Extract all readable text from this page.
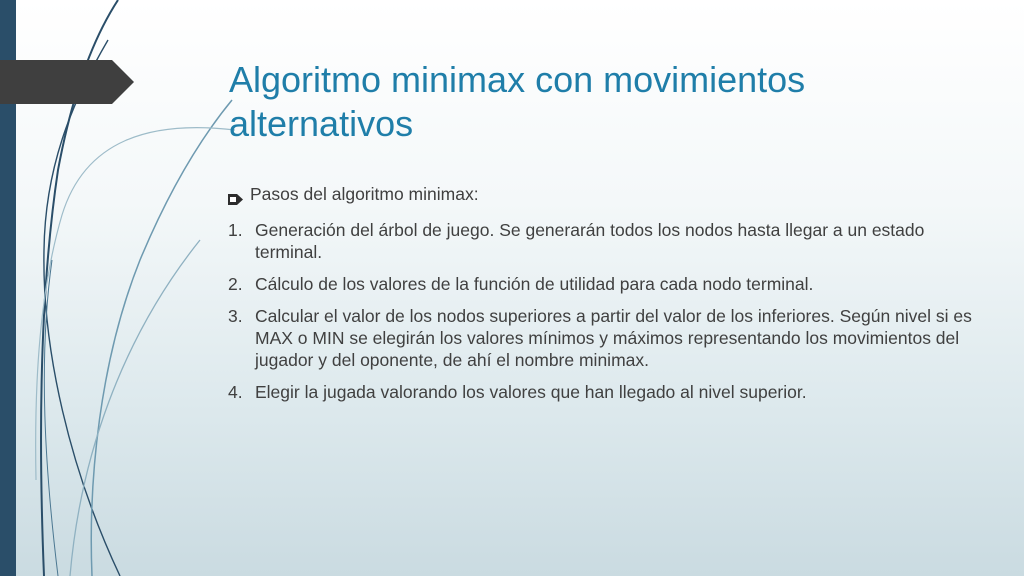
Algoritmo minimax con movimientos alternativos
Pasos del algoritmo minimax:
1. Generación del árbol de juego. Se generarán todos los nodos hasta llegar a un estado terminal.
2. Cálculo de los valores de la función de utilidad para cada nodo terminal.
3. Calcular el valor de los nodos superiores a partir del valor de los inferiores. Según nivel si es MAX o MIN se elegirán los valores mínimos y máximos representando los movimientos del jugador y del oponente, de ahí el nombre minimax.
4. Elegir la jugada valorando los valores que han llegado al nivel superior.
